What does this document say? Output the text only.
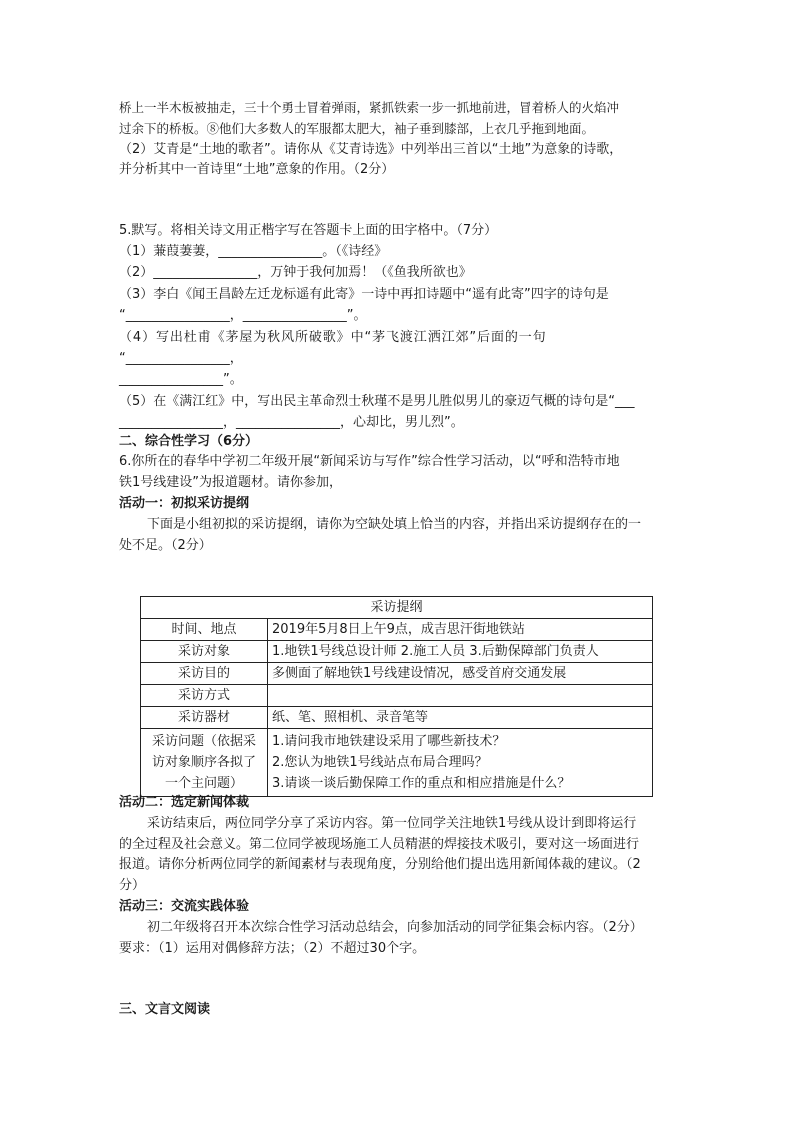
桥上一半木板被抽走，三十个勇士冒着弹雨，紧抓铁索一步一抓地前进，冒着桥人的火焰冲
过余下的桥板。⑧他们大多数人的军服都太肥大，袖子垂到膝部，上衣几乎拖到地面。
（2）艾青是“土地的歌者”。请你从《艾青诗选》中列举出三首以“土地”为意象的诗歌，
并分析其中一首诗里“土地”意象的作用。（2分）
5.默写。将相关诗文用正楷字写在答题卡上面的田字格中。（7分）
（1）蒹葭萋萋，________________。（《诗经》
（2）________________，万钟于我何加焉！（《鱼我所欲也》
（3）李白《闻王昌龄左迁龙标遥有此寄》一诗中再扣诗题中“遥有此寄”四字的诗句是
“________________，________________”。
（4）写出杜甫《茅屋为秋风所破歌》中“茅飞渡江洒江郊”后面的一句
“________________，
________________”。
（5）在《满江红》中，写出民主革命烈士秋瑾不是男儿胜似男儿的豪迈气概的诗句是“___
________________，________________，心却比，男儿烈”。
二、综合性学习（6分）
6.你所在的春华中学初二年级开展“新闻采访与写作”综合性学习活动，以“呼和浩特市地
铁1号线建设”为报道题材。请你参加，
活动一：初拟采访提纲
下面是小组初拟的采访提纲，请你为空缺处填上恰当的内容，并指出采访提纲存在的一
处不足。（2分）
采访提纲	
时间、地点	2019年5月8日上午9点，成吉思汗街地铁站
采访对象	1.地铁1号线总设计师 2.施工人员 3.后勤保障部门负责人
采访目的	多侧面了解地铁1号线建设情况，感受首府交通发展
采访方式	
采访器材	纸、笔、照相机、录音笔等

采访问题（依据采
访对象顺序各拟了
一个主问题）	1.请问我市地铁建设采用了哪些新技术？
2.您认为地铁1号线站点布局合理吗？
3.请谈一谈后勤保障工作的重点和相应措施是什么？
活动二：选定新闻体裁
采访结束后，两位同学分享了采访内容。第一位同学关注地铁1号线从设计到即将运行
的全过程及社会意义。第二位同学被现场施工人员精湛的焊接技术吸引，要对这一场面进行
报道。请你分析两位同学的新闻素材与表现角度，分别给他们提出选用新闻体裁的建议。（2
分）
活动三：交流实践体验
初二年级将召开本次综合性学习活动总结会，向参加活动的同学征集会标内容。（2分）
要求：（1）运用对偶修辞方法；（2）不超过30个字。
三、文言文阅读
